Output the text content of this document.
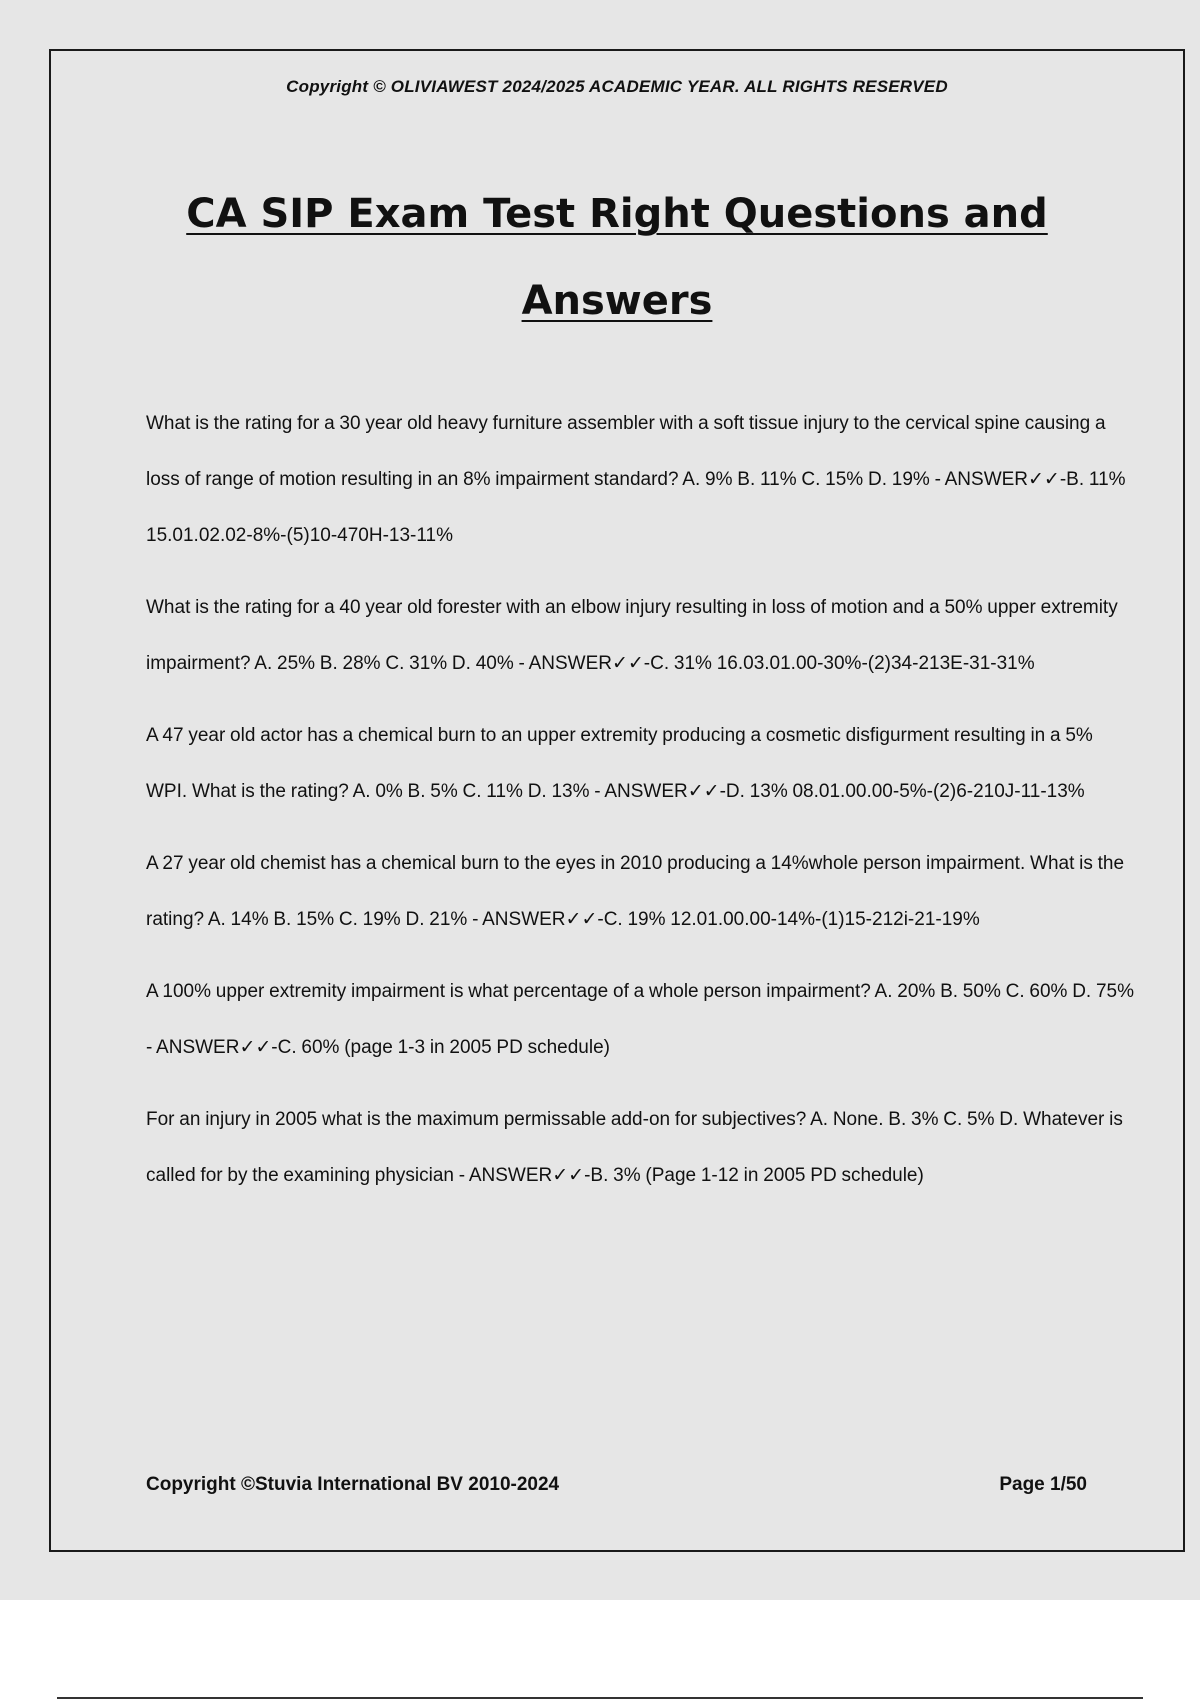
Copyright © OLIVIAWEST 2024/2025 ACADEMIC YEAR. ALL RIGHTS RESERVED
CA SIP Exam Test Right Questions and Answers
What is the rating for a 30 year old heavy furniture assembler with a soft tissue injury to the cervical spine causing a loss of range of motion resulting in an 8% impairment standard? A. 9% B. 11% C. 15% D. 19% - ANSWER✓✓-B. 11% 15.01.02.02-8%-(5)10-470H-13-11%
What is the rating for a 40 year old forester with an elbow injury resulting in loss of motion and a 50% upper extremity impairment? A. 25% B. 28% C. 31% D. 40% - ANSWER✓✓-C. 31% 16.03.01.00-30%-(2)34-213E-31-31%
A 47 year old actor has a chemical burn to an upper extremity producing a cosmetic disfigurment resulting in a 5% WPI. What is the rating? A. 0% B. 5% C. 11% D. 13% - ANSWER✓✓-D. 13% 08.01.00.00-5%-(2)6-210J-11-13%
A 27 year old chemist has a chemical burn to the eyes in 2010 producing a 14%whole person impairment. What is the rating? A. 14% B. 15% C. 19% D. 21% - ANSWER✓✓-C. 19% 12.01.00.00-14%-(1)15-212i-21-19%
A 100% upper extremity impairment is what percentage of a whole person impairment? A. 20% B. 50% C. 60% D. 75% - ANSWER✓✓-C. 60% (page 1-3 in 2005 PD schedule)
For an injury in 2005 what is the maximum permissable add-on for subjectives? A. None. B. 3% C. 5% D. Whatever is called for by the examining physician - ANSWER✓✓-B. 3% (Page 1-12 in 2005 PD schedule)
Copyright ©Stuvia International BV 2010-2024	Page 1/50
